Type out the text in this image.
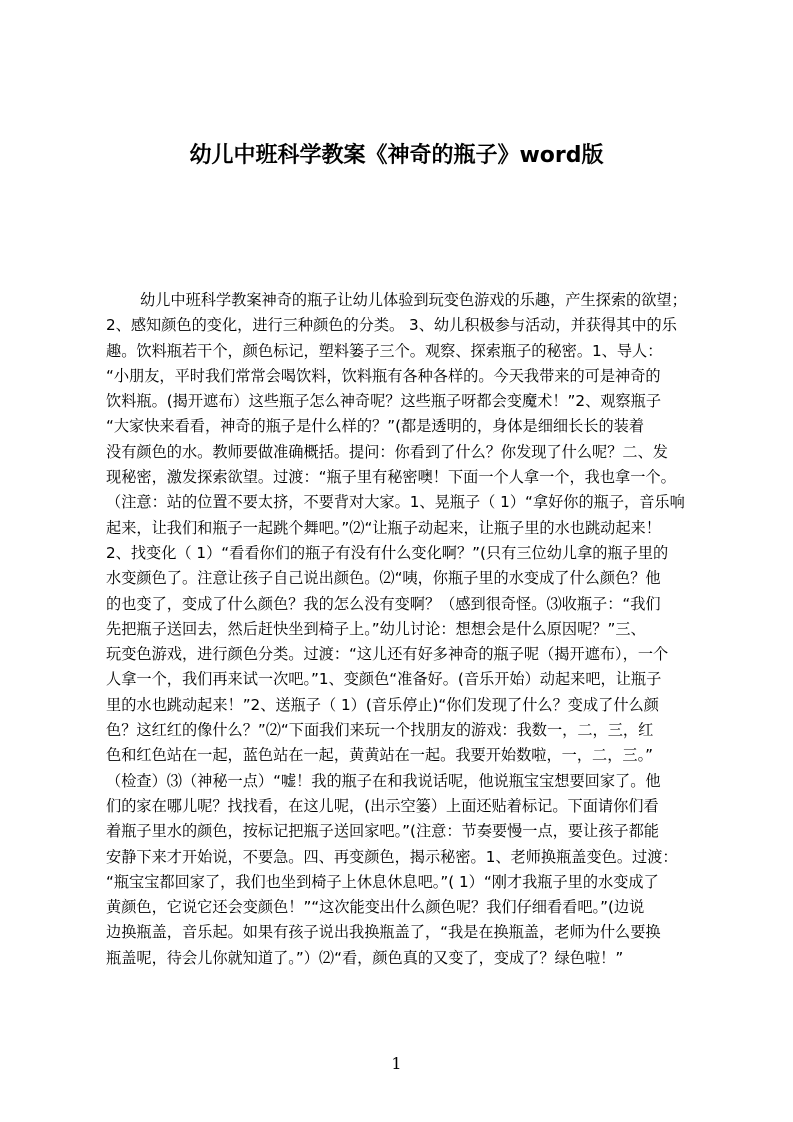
幼儿中班科学教案《神奇的瓶子》word版
幼儿中班科学教案神奇的瓶子让幼儿体验到玩变色游戏的乐趣，产生探索的欲望；
2、感知颜色的变化，进行三种颜色的分类。 3、幼儿积极参与活动，并获得其中的乐
趣。饮料瓶若干个，颜色标记，塑料篓子三个。观察、探索瓶子的秘密。1、导人：
“小朋友，平时我们常常会喝饮料，饮料瓶有各种各样的。今天我带来的可是神奇的
饮料瓶。(揭开遮布）这些瓶子怎么神奇呢？这些瓶子呀都会变魔术！”2、观察瓶子
“大家快来看看，神奇的瓶子是什么样的？”(都是透明的，身体是细细长长的装着
没有颜色的水。教师要做准确概括。提问：你看到了什么？你发现了什么呢？二、发
现秘密，激发探索欲望。过渡：“瓶子里有秘密噢！下面一个人拿一个，我也拿一个。
（注意：站的位置不要太挤，不要背对大家。1、晃瓶子（ 1）“拿好你的瓶子，音乐响
起来，让我们和瓶子一起跳个舞吧。”⑵“让瓶子动起来，让瓶子里的水也跳动起来！
2、找变化（ 1）“看看你们的瓶子有没有什么变化啊？”(只有三位幼儿拿的瓶子里的
水变颜色了。注意让孩子自己说出颜色。⑵“咦，你瓶子里的水变成了什么颜色？他
的也变了，变成了什么颜色？我的怎么没有变啊？（感到很奇怪。⑶收瓶子：“我们
先把瓶子送回去，然后赶快坐到椅子上。”幼儿讨论：想想会是什么原因呢？”三、
玩变色游戏，进行颜色分类。过渡：“这儿还有好多神奇的瓶子呢（揭开遮布），一个
人拿一个，我们再来试一次吧。”1、变颜色“准备好。(音乐开始）动起来吧，让瓶子
里的水也跳动起来！”2、送瓶子（ 1）(音乐停止)“你们发现了什么？变成了什么颜
色？这红红的像什么？”⑵“下面我们来玩一个找朋友的游戏：我数一，二，三，红
色和红色站在一起，蓝色站在一起，黄黄站在一起。我要开始数啦，一，二，三。”
（检查）⑶（神秘一点）“嘘！我的瓶子在和我说话呢，他说瓶宝宝想要回家了。他
们的家在哪儿呢？找找看，在这儿呢，(出示空篓）上面还贴着标记。下面请你们看
着瓶子里水的颜色，按标记把瓶子送回家吧。”(注意：节奏要慢一点，要让孩子都能
安静下来才开始说，不要急。四、再变颜色，揭示秘密。1、老师换瓶盖变色。过渡：
“瓶宝宝都回家了，我们也坐到椅子上休息休息吧。”( 1）“刚才我瓶子里的水变成了
黄颜色，它说它还会变颜色！”“这次能变出什么颜色呢？我们仔细看看吧。”(边说
边换瓶盖，音乐起。如果有孩子说出我换瓶盖了，“我是在换瓶盖，老师为什么要换
瓶盖呢，待会儿你就知道了。”）⑵“看，颜色真的又变了，变成了？绿色啦！”
1
